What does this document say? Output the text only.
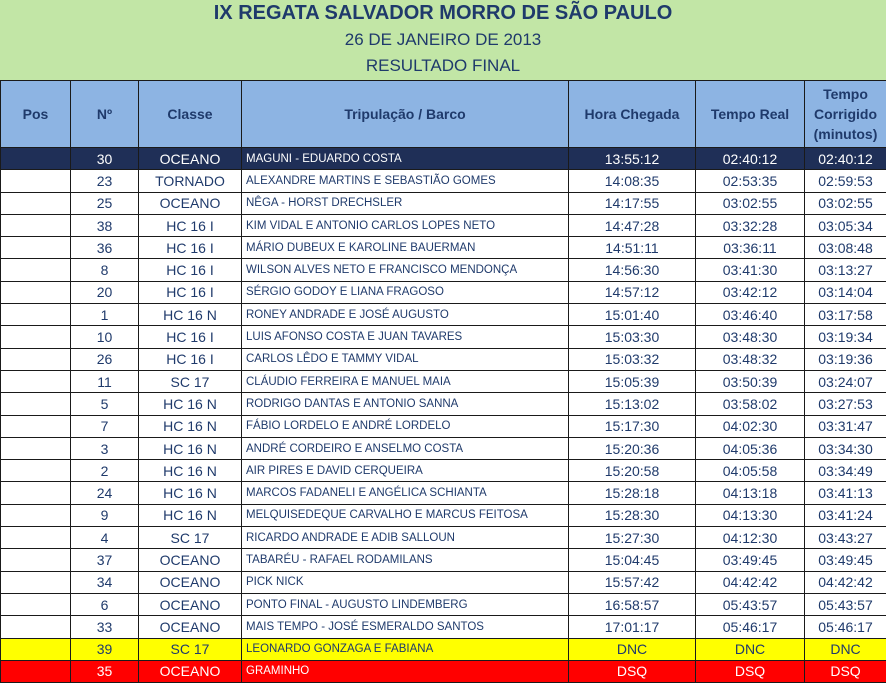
IX REGATA SALVADOR MORRO DE SÃO PAULO
26 DE JANEIRO DE 2013
RESULTADO FINAL
Pos	Nº	Classe	Tripulação / Barco	Hora Chegada	Tempo Real	Tempo
Corrigido
(minutos)

	30	OCEANO	MAGUNI - EDUARDO COSTA	13:55:12	02:40:12	02:40:12
	23	TORNADO	ALEXANDRE MARTINS E SEBASTIÃO GOMES	14:08:35	02:53:35	02:59:53
	25	OCEANO	NÊGA - HORST DRECHSLER	14:17:55	03:02:55	03:02:55
	38	HC 16 I	KIM VIDAL E ANTONIO CARLOS LOPES NETO	14:47:28	03:32:28	03:05:34
	36	HC 16 I	MÁRIO DUBEUX E KAROLINE BAUERMAN	14:51:11	03:36:11	03:08:48
	8	HC 16 I	WILSON ALVES NETO E FRANCISCO MENDONÇA	14:56:30	03:41:30	03:13:27
	20	HC 16 I	SÉRGIO GODOY E LIANA FRAGOSO	14:57:12	03:42:12	03:14:04
	1	HC 16 N	RONEY ANDRADE E JOSÉ AUGUSTO	15:01:40	03:46:40	03:17:58
	10	HC 16 I	LUIS AFONSO COSTA E JUAN TAVARES	15:03:30	03:48:30	03:19:34
	26	HC 16 I	CARLOS LÊDO E TAMMY VIDAL	15:03:32	03:48:32	03:19:36
	11	SC 17	CLÁUDIO FERREIRA E MANUEL MAIA	15:05:39	03:50:39	03:24:07
	5	HC 16 N	RODRIGO DANTAS E ANTONIO SANNA	15:13:02	03:58:02	03:27:53
	7	HC 16 N	FÁBIO LORDELO E ANDRÉ LORDELO	15:17:30	04:02:30	03:31:47
	3	HC 16 N	ANDRÉ CORDEIRO E ANSELMO COSTA	15:20:36	04:05:36	03:34:30
	2	HC 16 N	AIR PIRES E DAVID CERQUEIRA	15:20:58	04:05:58	03:34:49
	24	HC 16 N	MARCOS FADANELI E ANGÉLICA SCHIANTA	15:28:18	04:13:18	03:41:13
	9	HC 16 N	MELQUISEDEQUE CARVALHO E MARCUS FEITOSA	15:28:30	04:13:30	03:41:24
	4	SC 17	RICARDO ANDRADE E ADIB SALLOUN	15:27:30	04:12:30	03:43:27
	37	OCEANO	TABARÉU - RAFAEL RODAMILANS	15:04:45	03:49:45	03:49:45
	34	OCEANO	PICK NICK	15:57:42	04:42:42	04:42:42
	6	OCEANO	PONTO FINAL - AUGUSTO LINDEMBERG	16:58:57	05:43:57	05:43:57
	33	OCEANO	MAIS TEMPO - JOSÉ ESMERALDO SANTOS	17:01:17	05:46:17	05:46:17
	39	SC 17	LEONARDO GONZAGA E FABIANA	DNC	DNC	DNC
	35	OCEANO	GRAMINHO	DSQ	DSQ	DSQ
